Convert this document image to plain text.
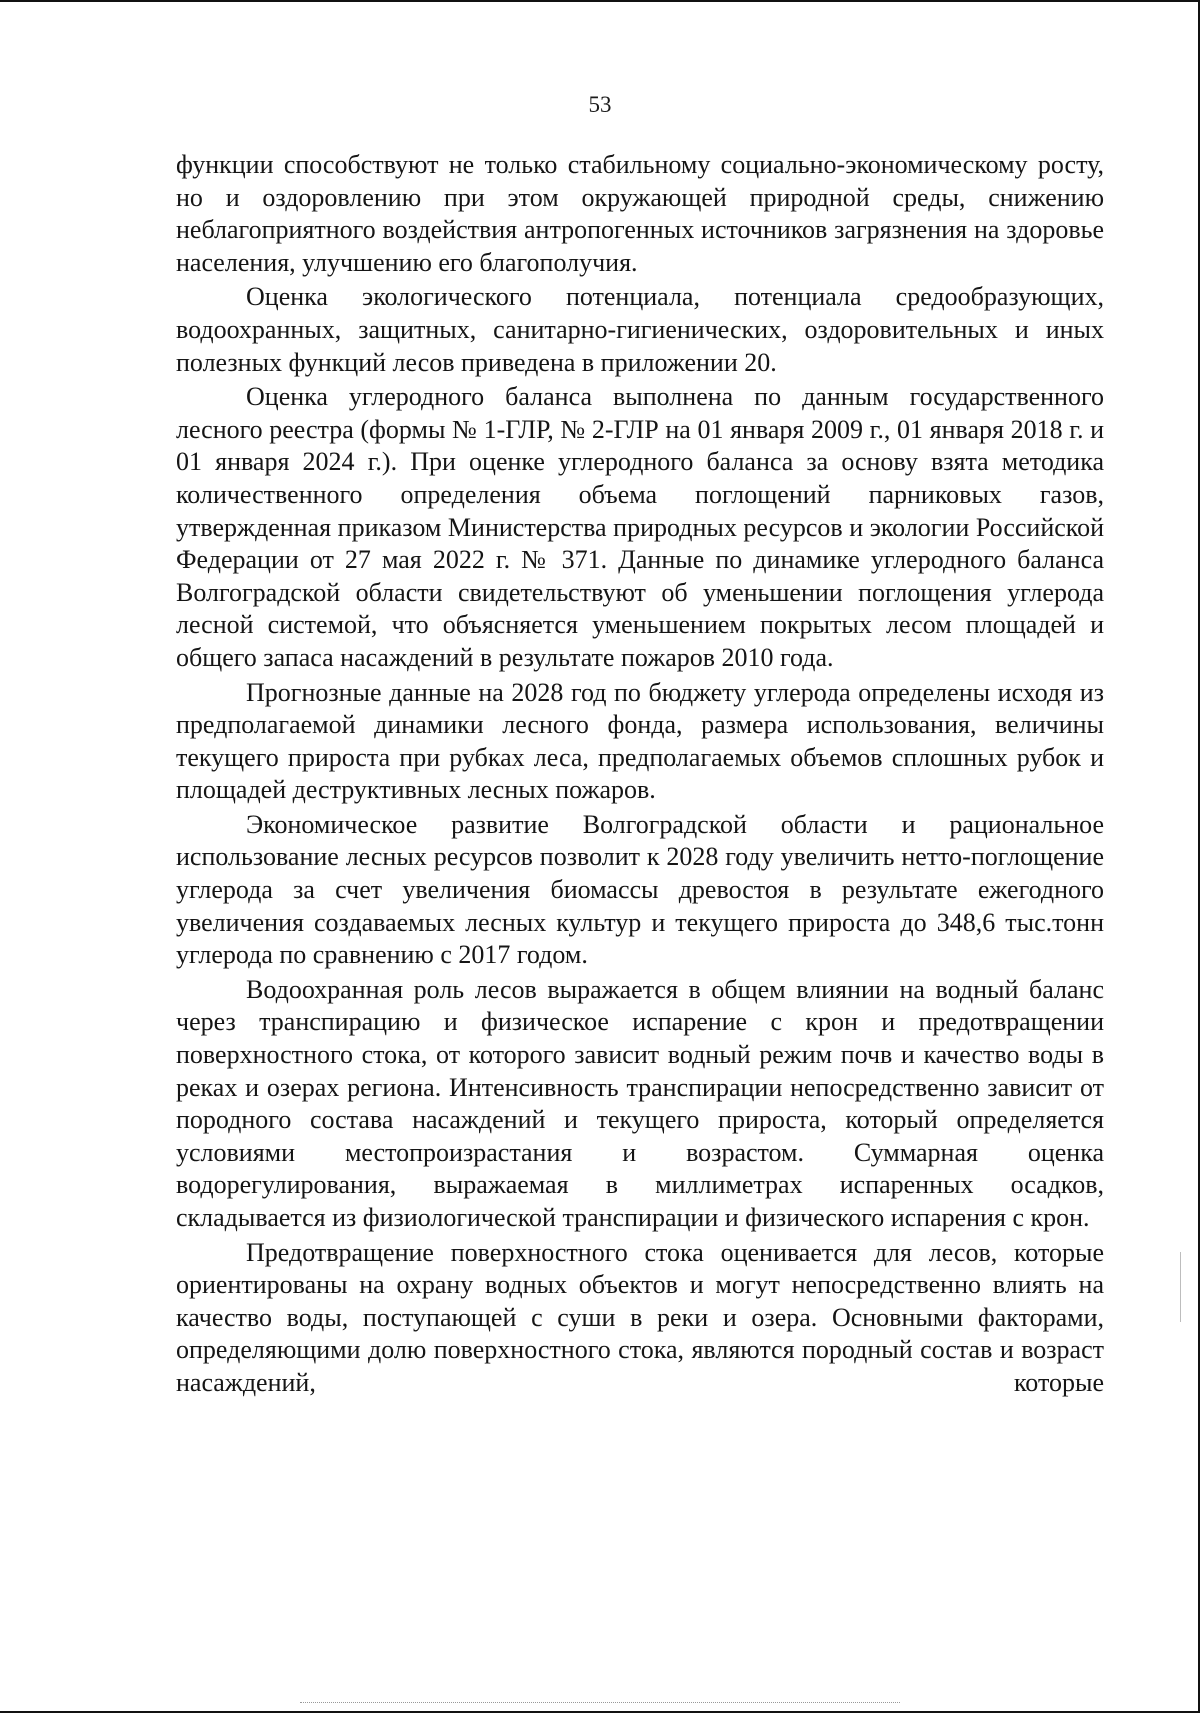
53

функции способствуют не только стабильному социально-экономическому росту, но и оздоровлению при этом окружающей природной среды, снижению неблагоприятного воздействия антропогенных источников загрязнения на здоровье населения, улучшению его благополучия.

Оценка экологического потенциала, потенциала средообразующих, водоохранных, защитных, санитарно-гигиенических, оздоровительных и иных полезных функций лесов приведена в приложении 20.

Оценка углеродного баланса выполнена по данным государственного лесного реестра (формы № 1-ГЛР, № 2-ГЛР на 01 января 2009 г., 01 января 2018 г. и 01 января 2024 г.). При оценке углеродного баланса за основу взята методика количественного определения объема поглощений парниковых газов, утвержденная приказом Министерства природных ресурсов и экологии Российской Федерации от 27 мая 2022 г. № 371. Данные по динамике углеродного баланса Волгоградской области свидетельствуют об уменьшении поглощения углерода лесной системой, что объясняется уменьшением покрытых лесом площадей и общего запаса насаждений в результате пожаров 2010 года.

Прогнозные данные на 2028 год по бюджету углерода определены исходя из предполагаемой динамики лесного фонда, размера использования, величины текущего прироста при рубках леса, предполагаемых объемов сплошных рубок и площадей деструктивных лесных пожаров.

Экономическое развитие Волгоградской области и рациональное использование лесных ресурсов позволит к 2028 году увеличить нетто-поглощение углерода за счет увеличения биомассы древостоя в результате ежегодного увеличения создаваемых лесных культур и текущего прироста до 348,6 тыс.тонн углерода по сравнению с 2017 годом.

Водоохранная роль лесов выражается в общем влиянии на водный баланс через транспирацию и физическое испарение с крон и предотвращении поверхностного стока, от которого зависит водный режим почв и качество воды в реках и озерах региона. Интенсивность транспирации непосредственно зависит от породного состава насаждений и текущего прироста, который определяется условиями местопроизрастания и возрастом. Суммарная оценка водорегулирования, выражаемая в миллиметрах испаренных осадков, складывается из физиологической транспирации и физического испарения с крон.

Предотвращение поверхностного стока оценивается для лесов, которые ориентированы на охрану водных объектов и могут непосредственно влиять на качество воды, поступающей с суши в реки и озера. Основными факторами, определяющими долю поверхностного стока, являются породный состав и возраст насаждений, которые
